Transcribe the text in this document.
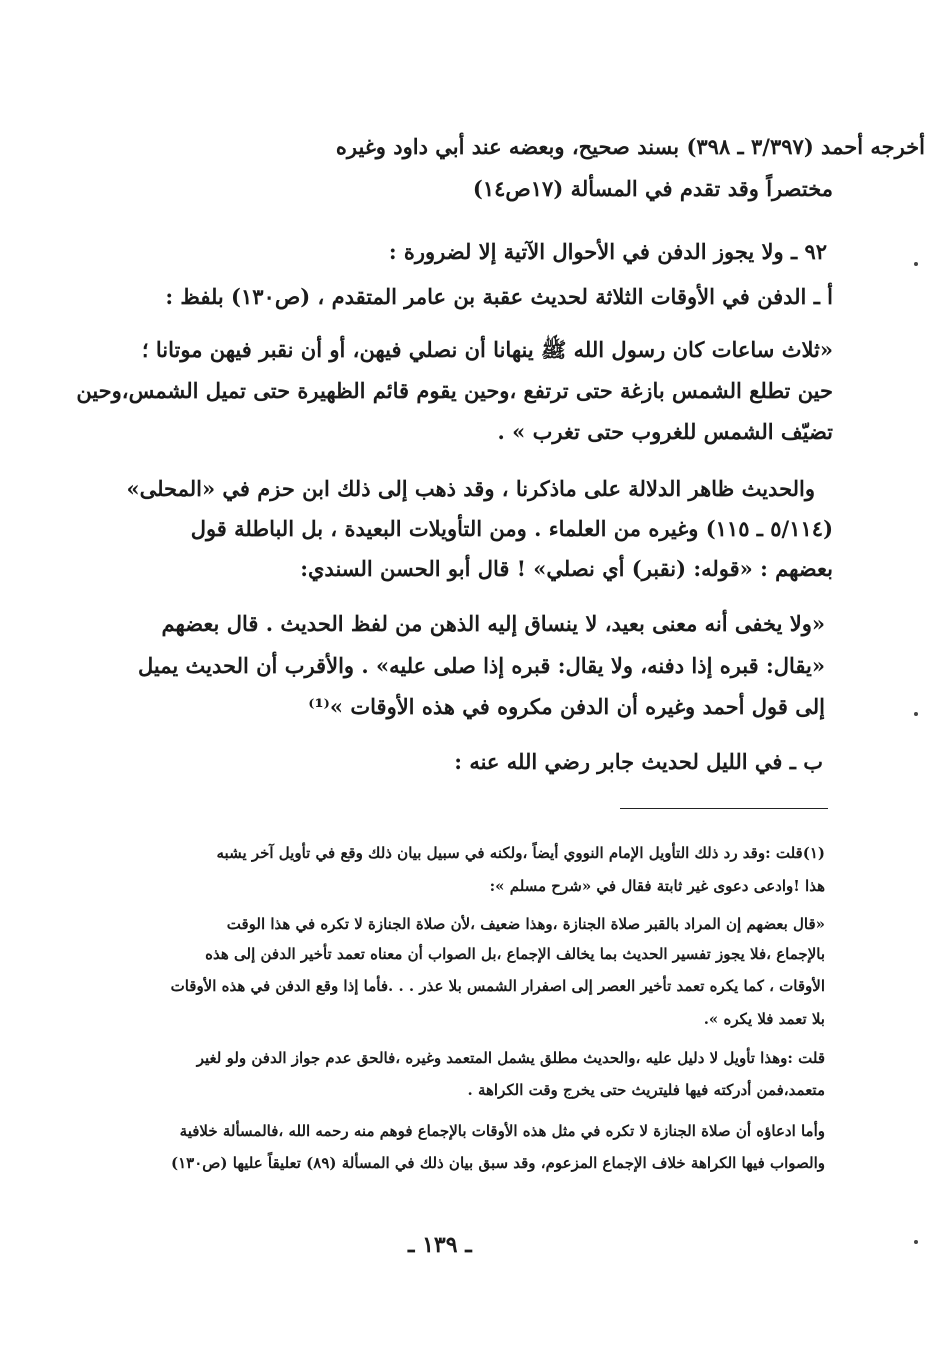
أخرجه أحمد (٣/٣٩٧ ـ ٣٩٨) بسند صحيح، وبعضه عند أبي داود وغيره
مختصراً وقد تقدم في المسألة (١٧ص١٤)
٩٢ ـ ولا يجوز الدفن في الأحوال الآتية إلا لضرورة :
أ ـ الدفن في الأوقات الثلاثة لحديث عقبة بن عامر المتقدم ، (ص١٣٠) بلفظ :
«ثلاث ساعات كان رسول الله ﷺ ينهانا أن نصلي فيهن، أو أن نقبر فيهن موتانا ؛
حين تطلع الشمس بازغة حتى ترتفع ،وحين يقوم قائم الظهيرة حتى تميل الشمس،وحين
تضيّف الشمس للغروب حتى تغرب » .
والحديث ظاهر الدلالة على ماذكرنا ، وقد ذهب إلى ذلك ابن حزم في «المحلى»
(٥/١١٤ ـ ١١٥) وغيره من العلماء . ومن التأويلات البعيدة ، بل الباطلة قول
بعضهم : «قوله: (نقبر) أي نصلي» ! قال أبو الحسن السندي:
«ولا يخفى أنه معنى بعيد، لا ينساق إليه الذهن من لفظ الحديث . قال بعضهم
«يقال: قبره إذا دفنه، ولا يقال: قبره إذا صلى عليه» . والأقرب أن الحديث يميل
إلى قول أحمد وغيره أن الدفن مكروه في هذه الأوقات »⁽¹⁾
ب ـ في الليل لحديث جابر رضي الله عنه :
(١)قلت :وقد رد ذلك التأويل الإمام النووي أيضاً ،ولكنه في سبيل بيان ذلك وقع في تأويل آخر يشبه
هذا !وادعى دعوى غير ثابتة فقال في «شرح مسلم »:
«قال بعضهم إن المراد بالقبر صلاة الجنازة ،وهذا ضعيف ،لأن صلاة الجنازة لا تكره في هذا الوقت
بالإجماع ،فلا يجوز تفسير الحديث بما يخالف الإجماع ،بل الصواب أن معناه تعمد تأخير الدفن إلى هذه
الأوقات ، كما يكره تعمد تأخير العصر إلى اصفرار الشمس بلا عذر . . .فأما إذا وقع الدفن في هذه الأوقات
بلا تعمد فلا يكره ».
قلت :وهذا تأويل لا دليل عليه ،والحديث مطلق يشمل المتعمد وغيره ،فالحق عدم جواز الدفن ولو لغير
متعمد،فمن أدركته فيها فليتريث حتى يخرج وقت الكراهة .
وأما ادعاؤه أن صلاة الجنازة لا تكره في مثل هذه الأوقات بالإجماع فوهم منه رحمه الله ،فالمسألة خلافية
والصواب فيها الكراهة خلاف الإجماع المزعوم، وقد سبق بيان ذلك في المسألة (٨٩) تعليقاً عليها (ص١٣٠)
ـ ١٣٩ ـ
